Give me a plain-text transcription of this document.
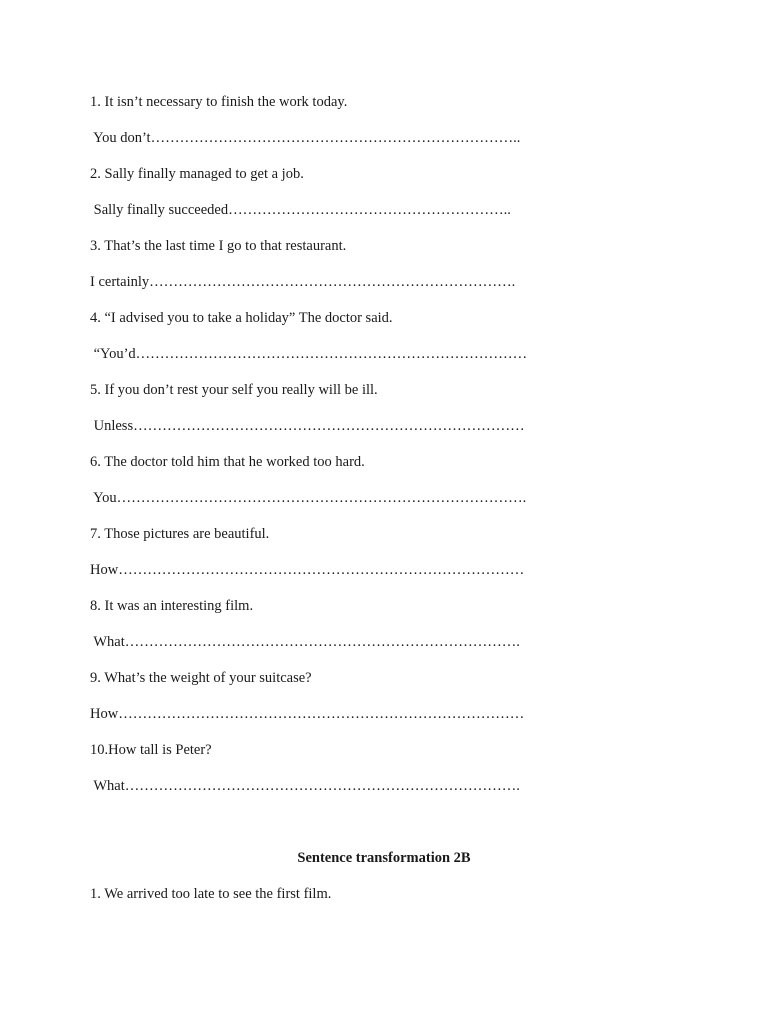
1. It isn’t necessary to finish the work today.
You don’t…………………………………………………………………..
2. Sally finally managed to get a job.
Sally finally succeeded…………………………………………………..
3. That’s the last time I go to that restaurant.
I certainly………………………………………………………………….
4. “I advised you to take a holiday” The doctor said.
“You’d………………………………………………………………………
5. If you don’t rest your self you really will be ill.
Unless………………………………………………………………………
6. The doctor told him that he worked too hard.
You………………………………………………………………………….
7. Those pictures are beautiful.
How…………………………………………………………………………
8. It was an interesting film.
What……………………………………………………………………….
9. What’s the weight of your suitcase?
How…………………………………………………………………………
10.How tall is Peter?
What……………………………………………………………………….
Sentence transformation 2B
1. We arrived too late to see the first film.
